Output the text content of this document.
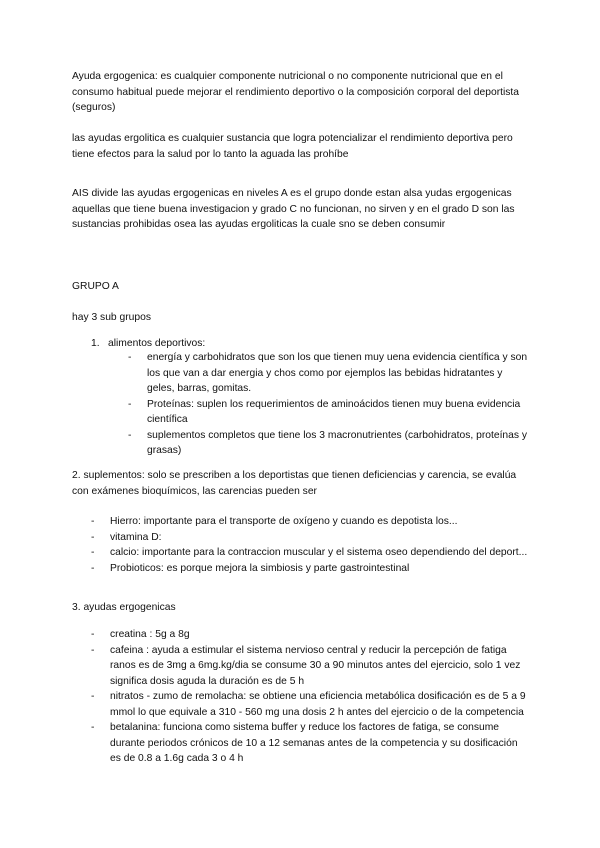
Ayuda ergogenica: es cualquier componente nutricional o no componente nutricional que en el consumo habitual puede mejorar el rendimiento deportivo o la composición corporal del deportista (seguros)

las ayudas ergolitica es cualquier sustancia que logra potencializar el rendimiento deportiva pero tiene efectos para la salud por lo tanto la aguada las prohíbe

AIS divide las ayudas ergogenicas en niveles A es el grupo donde estan alsa yudas ergogenicas aquellas que tiene buena investigacion y grado C no funcionan, no sirven y en el grado D son las sustancias prohibidas osea las ayudas ergoliticas la cuale sno se deben consumir

GRUPO A

hay 3 sub grupos

1. alimentos deportivos:
- energía y carbohidratos que son los que tienen muy uena evidencia científica y son los que van a dar energia y chos como por ejemplos las bebidas hidratantes y geles, barras, gomitas.
- Proteínas: suplen los requerimientos de aminoácidos tienen muy buena evidencia científica
- suplementos completos que tiene los 3 macronutrientes (carbohidratos, proteínas y grasas)

2. suplementos: solo se prescriben a los deportistas que tienen deficiencias y carencia, se evalúa con exámenes bioquímicos, las carencias pueden ser

- Hierro: importante para el transporte de oxígeno y cuando es depotista los...
- vitamina D:
- calcio: importante para la contraccion muscular y el sistema oseo dependiendo del deport...
- Probioticos: es porque mejora la simbiosis y parte gastrointestinal

3. ayudas ergogenicas

- creatina : 5g a 8g
- cafeina : ayuda a estimular el sistema nervioso central y reducir la percepción de fatiga ranos es de 3mg a 6mg.kg/dia se consume 30 a 90 minutos antes del ejercicio, solo 1 vez significa dosis aguda la duración es de 5 h
- nitratos - zumo de remolacha: se obtiene una eficiencia metabólica dosificación es de 5 a 9 mmol lo que equivale a 310 - 560 mg una dosis 2 h antes del ejercicio o de la competencia
- betalanina: funciona como sistema buffer y reduce los factores de fatiga, se consume durante periodos crónicos de 10 a 12 semanas antes de la competencia y su dosificación es de 0.8 a 1.6g cada 3 o 4 h
